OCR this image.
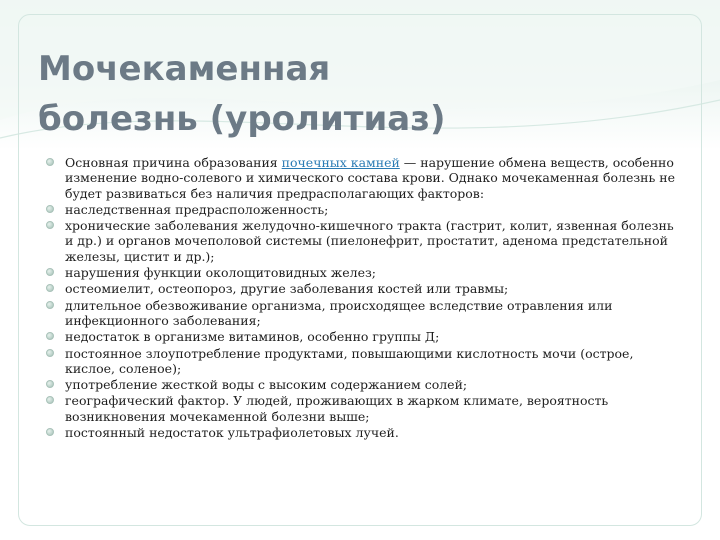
Мочекаменная
болезнь (уролитиаз)
Основная причина образования почечных камней — нарушение обмена веществ, особенно изменение водно-солевого и химического состава крови. Однако мочекаменная болезнь не будет развиваться без наличия предрасполагающих факторов:
наследственная предрасположенность;
хронические заболевания желудочно-кишечного тракта (гастрит, колит, язвенная болезнь и др.) и органов мочеполовой системы (пиелонефрит, простатит, аденома предстательной железы, цистит и др.);
нарушения функции околощитовидных желез;
остеомиелит, остеопороз, другие заболевания костей или травмы;
длительное обезвоживание организма, происходящее вследствие отравления или инфекционного заболевания;
недостаток в организме витаминов, особенно группы Д;
постоянное злоупотребление продуктами, повышающими кислотность мочи (острое, кислое, соленое);
употребление жесткой воды с высоким содержанием солей;
географический фактор. У людей, проживающих в жарком климате, вероятность возникновения мочекаменной болезни выше;
постоянный недостаток ультрафиолетовых лучей.
